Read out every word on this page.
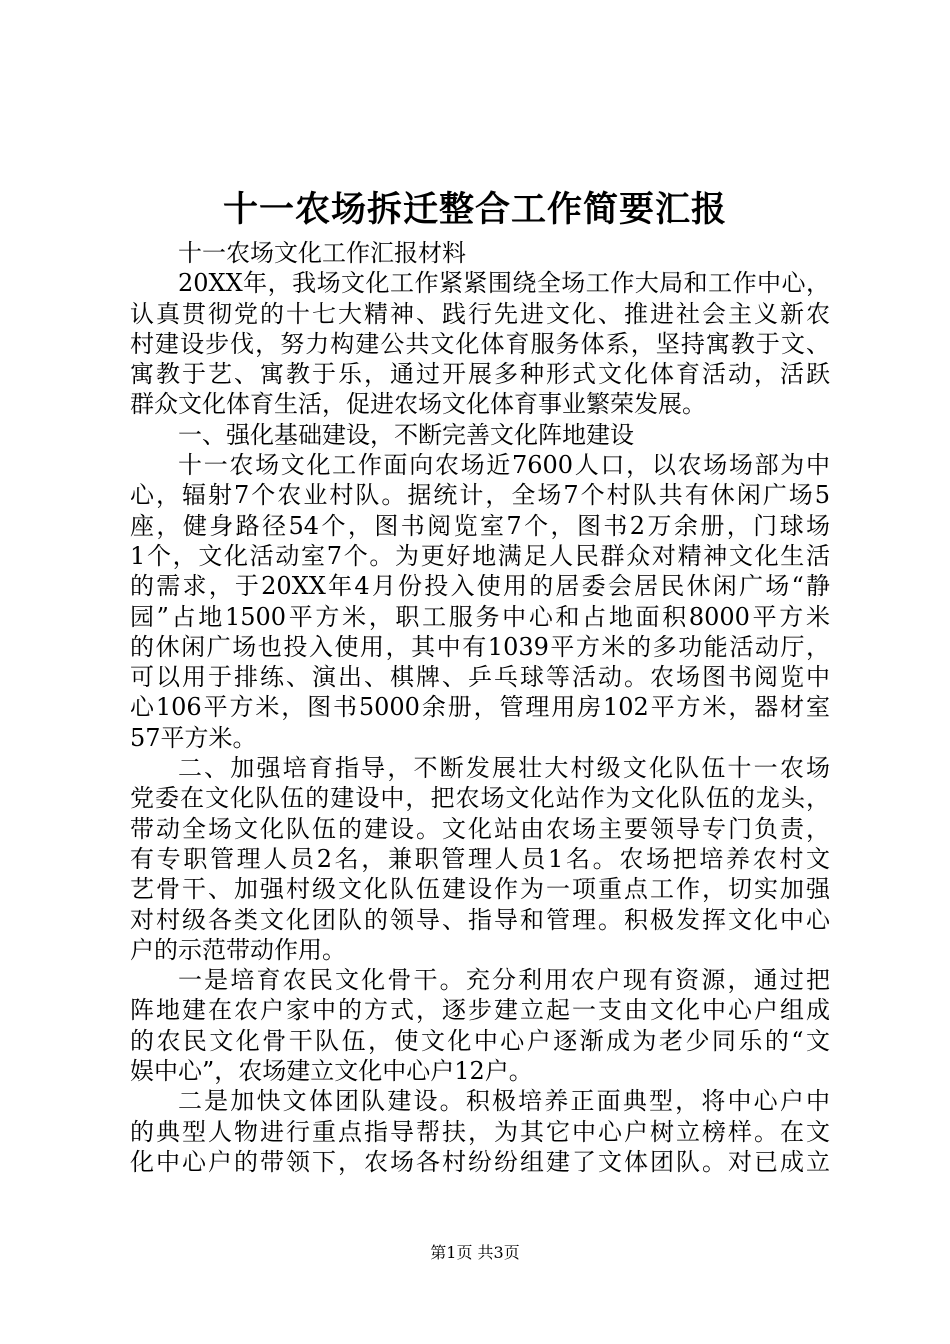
十一农场拆迁整合工作简要汇报
十一农场文化工作汇报材料
20XX年，我场文化工作紧紧围绕全场工作大局和工作中心，
认真贯彻党的十七大精神、践行先进文化、推进社会主义新农
村建设步伐，努力构建公共文化体育服务体系，坚持寓教于文、
寓教于艺、寓教于乐，通过开展多种形式文化体育活动，活跃
群众文化体育生活，促进农场文化体育事业繁荣发展。
一、强化基础建设，不断完善文化阵地建设
十一农场文化工作面向农场近7600人口，以农场场部为中
心，辐射7个农业村队。据统计，全场7个村队共有休闲广场5
座，健身路径54个，图书阅览室7个，图书2万余册，门球场
1个，文化活动室7个。为更好地满足人民群众对精神文化生活
的需求，于20XX年4月份投入使用的居委会居民休闲广场“静
园”占地1500平方米，职工服务中心和占地面积8000平方米
的休闲广场也投入使用，其中有1039平方米的多功能活动厅，
可以用于排练、演出、棋牌、乒乓球等活动。农场图书阅览中
心106平方米，图书5000余册，管理用房102平方米，器材室
57平方米。
二、加强培育指导，不断发展壮大村级文化队伍十一农场
党委在文化队伍的建设中，把农场文化站作为文化队伍的龙头，
带动全场文化队伍的建设。文化站由农场主要领导专门负责，
有专职管理人员2名，兼职管理人员1名。农场把培养农村文
艺骨干、加强村级文化队伍建设作为一项重点工作，切实加强
对村级各类文化团队的领导、指导和管理。积极发挥文化中心
户的示范带动作用。
一是培育农民文化骨干。充分利用农户现有资源，通过把
阵地建在农户家中的方式，逐步建立起一支由文化中心户组成
的农民文化骨干队伍，使文化中心户逐渐成为老少同乐的“文
娱中心”，农场建立文化中心户12户。
二是加快文体团队建设。积极培养正面典型，将中心户中
的典型人物进行重点指导帮扶，为其它中心户树立榜样。在文
化中心户的带领下，农场各村纷纷组建了文体团队。对已成立
第1页 共3页
